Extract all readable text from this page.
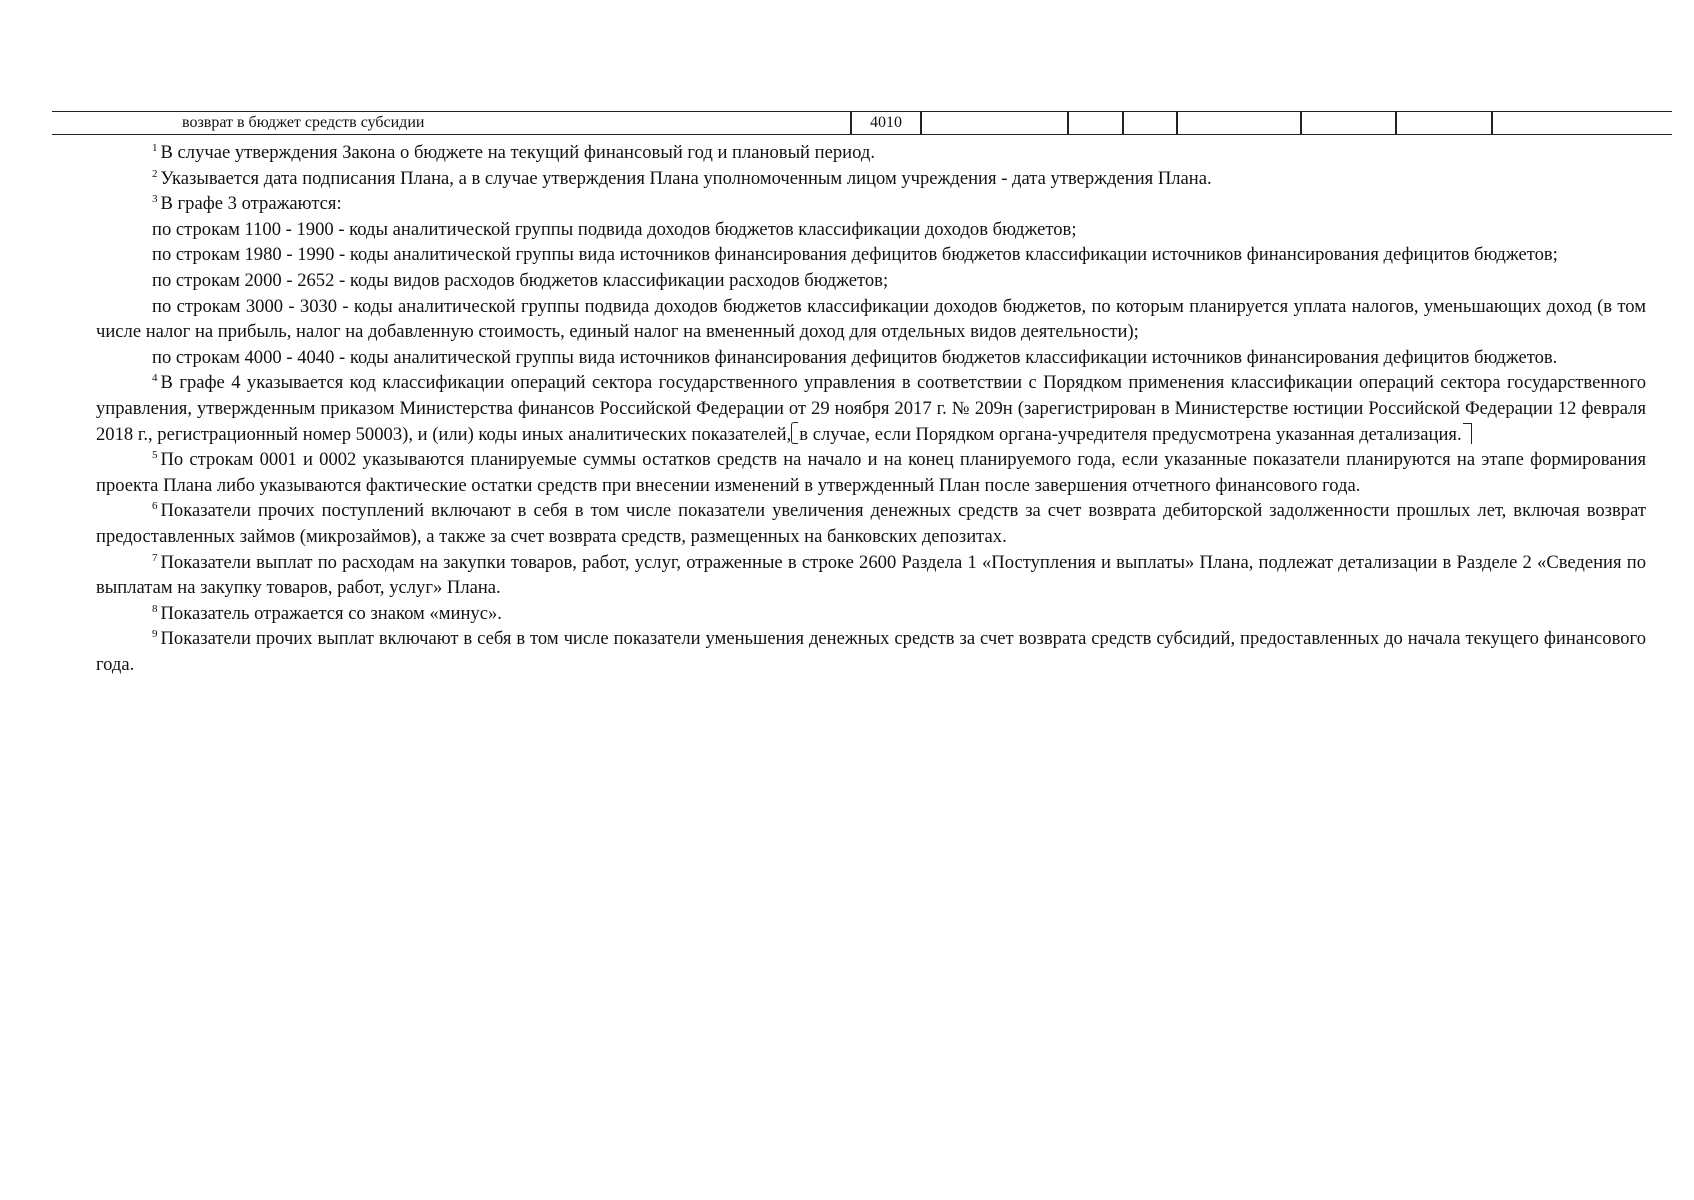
возврат в бюджет средств субсидии	4010

$^1$ В случае утверждения Закона о бюджете на текущий финансовый год и плановый период.

$^2$ Указывается дата подписания Плана, а в случае утверждения Плана уполномоченным лицом учреждения - дата утверждения Плана.

$^3$ В графе 3 отражаются:

по строкам 1100 - 1900 - коды аналитической группы подвида доходов бюджетов классификации доходов бюджетов;

по строкам 1980 - 1990 - коды аналитической группы вида источников финансирования дефицитов бюджетов классификации источников финансирования дефицитов бюджетов;

по строкам 2000 - 2652 - коды видов расходов бюджетов классификации расходов бюджетов;

по строкам 3000 - 3030 - коды аналитической группы подвида доходов бюджетов классификации доходов бюджетов, по которым планируется уплата налогов, уменьшающих доход (в том числе налог на прибыль, налог на добавленную стоимость, единый налог на вмененный доход для отдельных видов деятельности);

по строкам 4000 - 4040 - коды аналитической группы вида источников финансирования дефицитов бюджетов классификации источников финансирования дефицитов бюджетов.

$^4$ В графе 4 указывается код классификации операций сектора государственного управления в соответствии с Порядком применения классификации операций сектора государственного управления, утвержденным приказом Министерства финансов Российской Федерации от 29 ноября 2017 г. № 209н (зарегистрирован в Министерстве юстиции Российской Федерации 12 февраля 2018 г., регистрационный номер 50003), и (или) коды иных аналитических показателей, в случае, если Порядком органа-учредителя предусмотрена указанная детализация.

$^5$ По строкам 0001 и 0002 указываются планируемые суммы остатков средств на начало и на конец планируемого года, если указанные показатели планируются на этапе формирования проекта Плана либо указываются фактические остатки средств при внесении изменений в утвержденный План после завершения отчетного финансового года.

$^6$ Показатели прочих поступлений включают в себя в том числе показатели увеличения денежных средств за счет возврата дебиторской задолженности прошлых лет, включая возврат предоставленных займов (микрозаймов), а также за счет возврата средств, размещенных на банковских депозитах.

$^7$ Показатели выплат по расходам на закупки товаров, работ, услуг, отраженные в строке 2600 Раздела 1 «Поступления и выплаты» Плана, подлежат детализации в Разделе 2 «Сведения по выплатам на закупку товаров, работ, услуг» Плана.

$^8$ Показатель отражается со знаком «минус».

$^9$ Показатели прочих выплат включают в себя в том числе показатели уменьшения денежных средств за счет возврата средств субсидий, предоставленных до начала текущего финансового года.
